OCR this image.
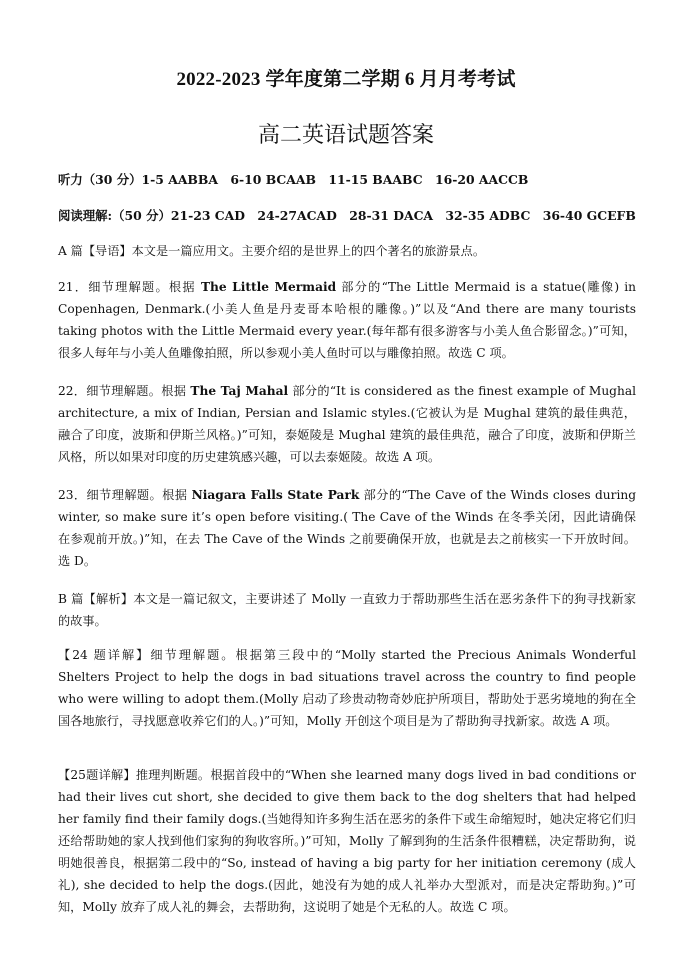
2022-2023 学年度第二学期 6 月月考考试
高二英语试题答案
听力（30 分）1-5 AABBA　6-10 BCAAB　11-15 BAABC　16-20 AACCB
阅读理解:（50 分）21-23 CAD　24-27ACAD　28-31 DACA　32-35 ADBC　36-40 GCEFB
A 篇【导语】本文是一篇应用文。主要介绍的是世界上的四个著名的旅游景点。
21．细节理解题。根据 The Little Mermaid 部分的“The Little Mermaid is a statue(雕像) in Copenhagen, Denmark.(小美人鱼是丹麦哥本哈根的雕像。)”以及“And there are many tourists taking photos with the Little Mermaid every year.(每年都有很多游客与小美人鱼合影留念。)”可知，很多人每年与小美人鱼雕像拍照，所以参观小美人鱼时可以与雕像拍照。故选 C 项。
22．细节理解题。根据 The Taj Mahal 部分的“It is considered as the finest example of Mughal architecture, a mix of Indian, Persian and Islamic styles.(它被认为是 Mughal 建筑的最佳典范，融合了印度，波斯和伊斯兰风格。)”可知，泰姬陵是 Mughal 建筑的最佳典范，融合了印度，波斯和伊斯兰风格，所以如果对印度的历史建筑感兴趣，可以去泰姬陵。故选 A 项。
23．细节理解题。根据 Niagara Falls State Park 部分的“The Cave of the Winds closes during winter, so make sure it’s open before visiting.( The Cave of the Winds 在冬季关闭，因此请确保在参观前开放。)”知，在去 The Cave of the Winds 之前要确保开放，也就是去之前核实一下开放时间。选 D。
B 篇【解析】本文是一篇记叙文，主要讲述了 Molly 一直致力于帮助那些生活在恶劣条件下的狗寻找新家的故事。
【24 题详解】细节理解题。根据第三段中的“Molly started the Precious Animals Wonderful Shelters Project to help the dogs in bad situations travel across the country to find people who were willing to adopt them.(Molly 启动了珍贵动物奇妙庇护所项目，帮助处于恶劣境地的狗在全国各地旅行，寻找愿意收养它们的人。)”可知，Molly 开创这个项目是为了帮助狗寻找新家。故选 A 项。
【25题详解】推理判断题。根据首段中的“When she learned many dogs lived in bad conditions or had their lives cut short, she decided to give them back to the dog shelters that had helped her family find their family dogs.(当她得知许多狗生活在恶劣的条件下或生命缩短时，她决定将它们归还给帮助她的家人找到他们家狗的狗收容所。)”可知，Molly 了解到狗的生活条件很糟糕，决定帮助狗，说明她很善良，根据第二段中的“So, instead of having a big party for her initiation ceremony (成人礼), she decided to help the dogs.(因此，她没有为她的成人礼举办大型派对，而是决定帮助狗。)”可知，Molly 放弃了成人礼的舞会，去帮助狗，这说明了她是个无私的人。故选 C 项。
